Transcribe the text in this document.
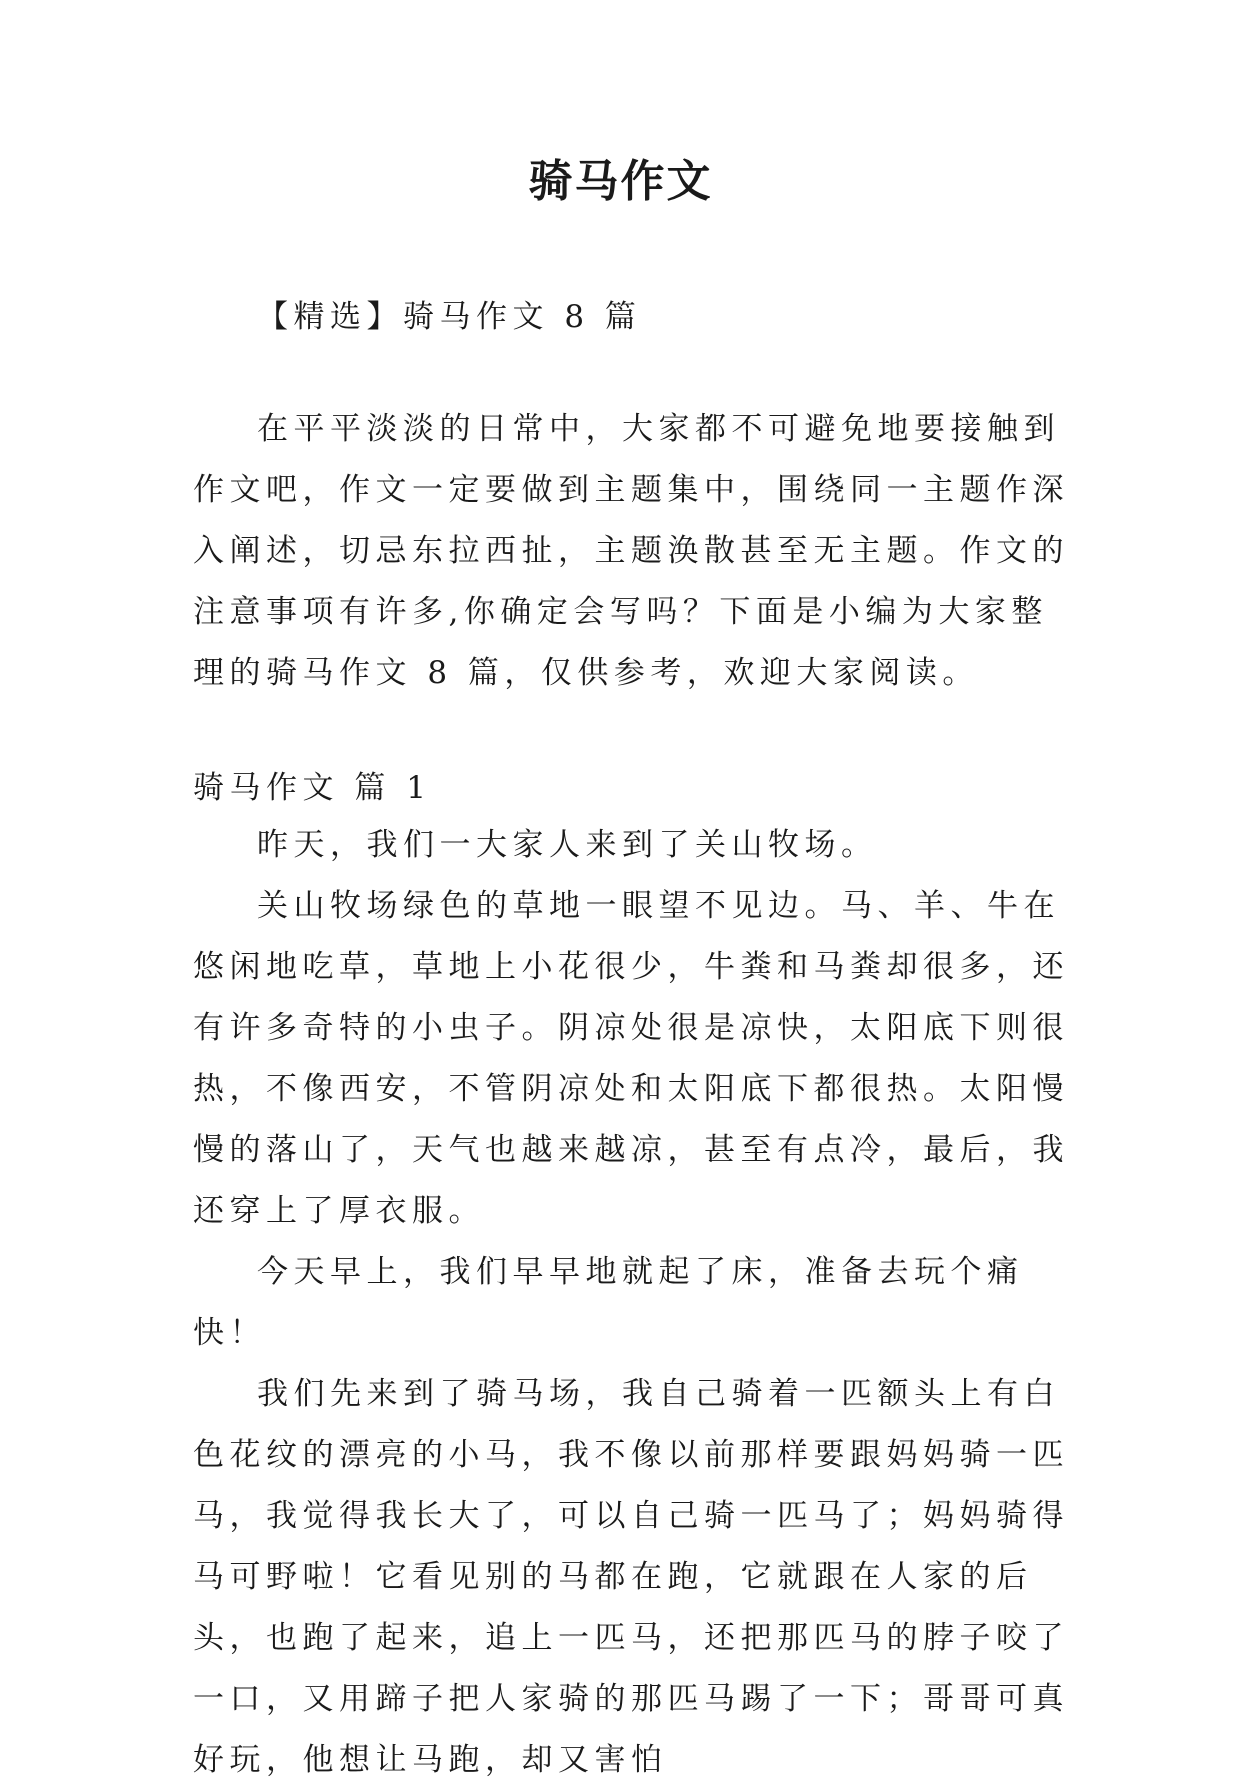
骑马作文

【精选】骑马作文 8 篇

在平平淡淡的日常中，大家都不可避免地要接触到作文吧，作文一定要做到主题集中，围绕同一主题作深入阐述，切忌东拉西扯，主题涣散甚至无主题。作文的注意事项有许多,你确定会写吗？下面是小编为大家整理的骑马作文 8 篇，仅供参考，欢迎大家阅读。

骑马作文 篇 1

昨天，我们一大家人来到了关山牧场。

关山牧场绿色的草地一眼望不见边。马、羊、牛在悠闲地吃草，草地上小花很少，牛粪和马粪却很多，还有许多奇特的小虫子。阴凉处很是凉快，太阳底下则很热，不像西安，不管阴凉处和太阳底下都很热。太阳慢慢的落山了，天气也越来越凉，甚至有点冷，最后，我还穿上了厚衣服。

今天早上，我们早早地就起了床，准备去玩个痛快！

我们先来到了骑马场，我自己骑着一匹额头上有白色花纹的漂亮的小马，我不像以前那样要跟妈妈骑一匹马，我觉得我长大了，可以自己骑一匹马了；妈妈骑得马可野啦！它看见别的马都在跑，它就跟在人家的后头，也跑了起来，追上一匹马，还把那匹马的脖子咬了一口，又用蹄子把人家骑的那匹马踢了一下；哥哥可真好玩，他想让马跑，却又害怕
